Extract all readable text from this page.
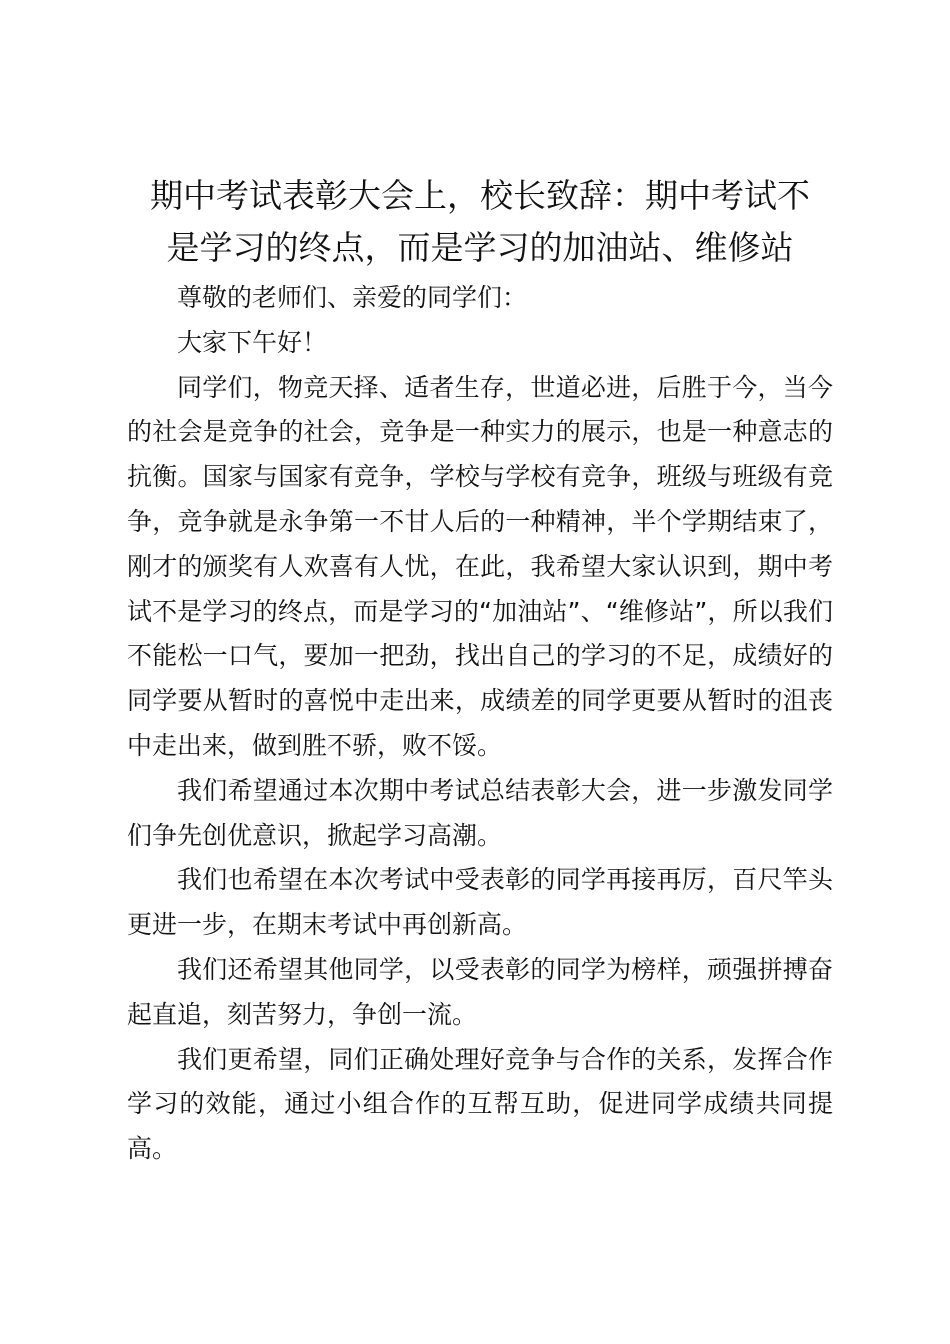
期中考试表彰大会上，校长致辞：期中考试不
是学习的终点，而是学习的加油站、维修站

尊敬的老师们、亲爱的同学们：

大家下午好！

同学们，物竞天择、适者生存，世道必进，后胜于今，当今的社会是竞争的社会，竞争是一种实力的展示，也是一种意志的抗衡。国家与国家有竞争，学校与学校有竞争，班级与班级有竞争，竞争就是永争第一不甘人后的一种精神，半个学期结束了，刚才的颁奖有人欢喜有人忧，在此，我希望大家认识到，期中考试不是学习的终点，而是学习的“加油站”、“维修站”，所以我们不能松一口气，要加一把劲，找出自己的学习的不足，成绩好的同学要从暂时的喜悦中走出来，成绩差的同学更要从暂时的沮丧中走出来，做到胜不骄，败不馁。

我们希望通过本次期中考试总结表彰大会，进一步激发同学们争先创优意识，掀起学习高潮。

我们也希望在本次考试中受表彰的同学再接再厉，百尺竿头更进一步，在期末考试中再创新高。

我们还希望其他同学，以受表彰的同学为榜样，顽强拼搏奋起直追，刻苦努力，争创一流。

我们更希望，同们正确处理好竞争与合作的关系，发挥合作学习的效能，通过小组合作的互帮互助，促进同学成绩共同提高。
